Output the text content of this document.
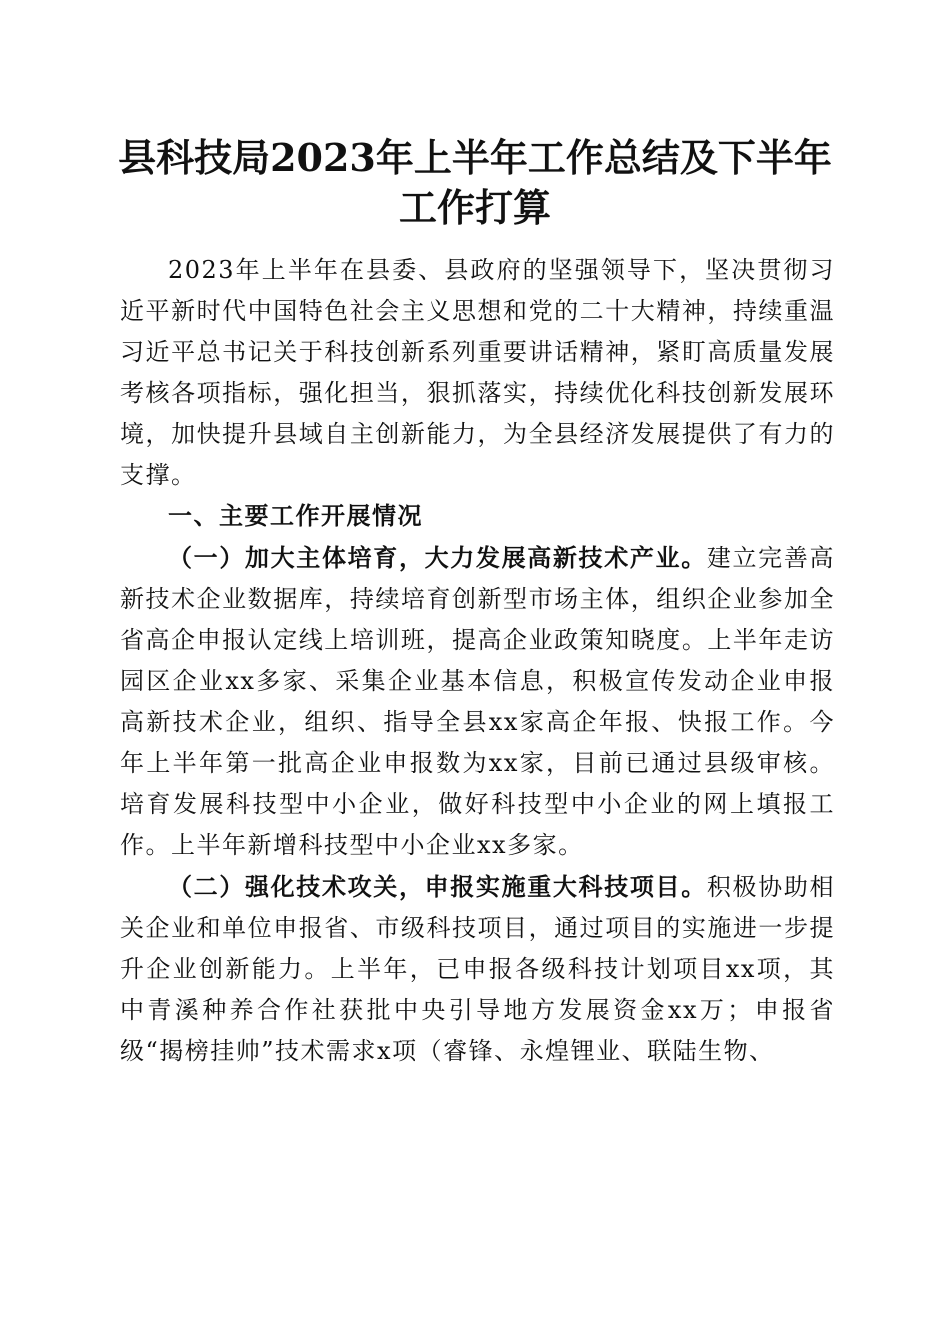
县科技局2023年上半年工作总结及下半年工作打算

2023年上半年在县委、县政府的坚强领导下，坚决贯彻习近平新时代中国特色社会主义思想和党的二十大精神，持续重温习近平总书记关于科技创新系列重要讲话精神，紧盯高质量发展考核各项指标，强化担当，狠抓落实，持续优化科技创新发展环境，加快提升县域自主创新能力，为全县经济发展提供了有力的支撑。

一、主要工作开展情况

（一）加大主体培育，大力发展高新技术产业。建立完善高新技术企业数据库，持续培育创新型市场主体，组织企业参加全省高企申报认定线上培训班，提高企业政策知晓度。上半年走访园区企业xx多家、采集企业基本信息，积极宣传发动企业申报高新技术企业，组织、指导全县xx家高企年报、快报工作。今年上半年第一批高企业申报数为xx家，目前已通过县级审核。培育发展科技型中小企业，做好科技型中小企业的网上填报工作。上半年新增科技型中小企业xx多家。

（二）强化技术攻关，申报实施重大科技项目。积极协助相关企业和单位申报省、市级科技项目，通过项目的实施进一步提升企业创新能力。上半年，已申报各级科技计划项目xx项，其中青溪种养合作社获批中央引导地方发展资金xx万；申报省级“揭榜挂帅”技术需求x项（睿锋、永煌锂业、联陆生物、
